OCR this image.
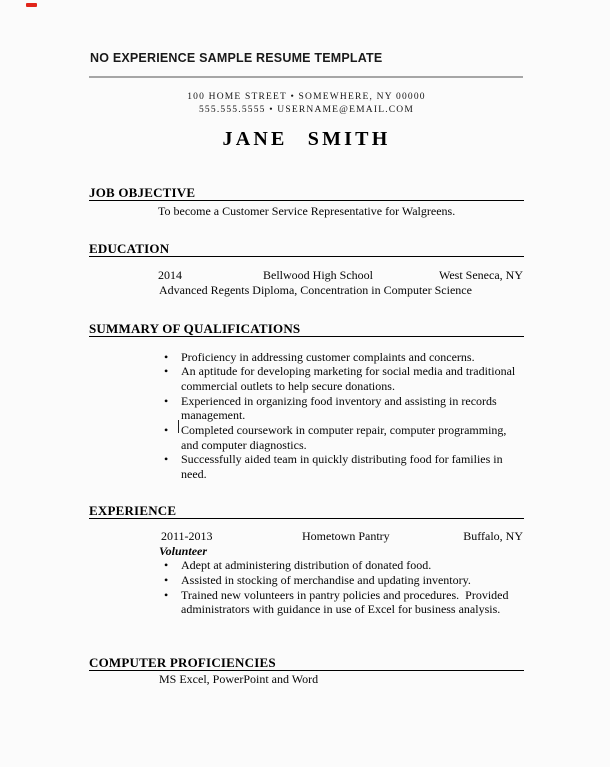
NO EXPERIENCE SAMPLE RESUME TEMPLATE
100 HOME STREET • SOMEWHERE, NY 00000
555.555.5555 • USERNAME@EMAIL.COM
JANE SMITH
JOB OBJECTIVE
To become a Customer Service Representative for Walgreens.
EDUCATION
2014	Bellwood High School	West Seneca, NY
Advanced Regents Diploma, Concentration in Computer Science
SUMMARY OF QUALIFICATIONS
• Proficiency in addressing customer complaints and concerns.
• An aptitude for developing marketing for social media and traditional
commercial outlets to help secure donations.
• Experienced in organizing food inventory and assisting in records
management.
• Completed coursework in computer repair, computer programming,
and computer diagnostics.
• Successfully aided team in quickly distributing food for families in
need.
EXPERIENCE
2011-2013	Hometown Pantry	Buffalo, NY
Volunteer
• Adept at administering distribution of donated food.
• Assisted in stocking of merchandise and updating inventory.
• Trained new volunteers in pantry policies and procedures.  Provided
administrators with guidance in use of Excel for business analysis.
COMPUTER PROFICIENCIES
MS Excel, PowerPoint and Word
